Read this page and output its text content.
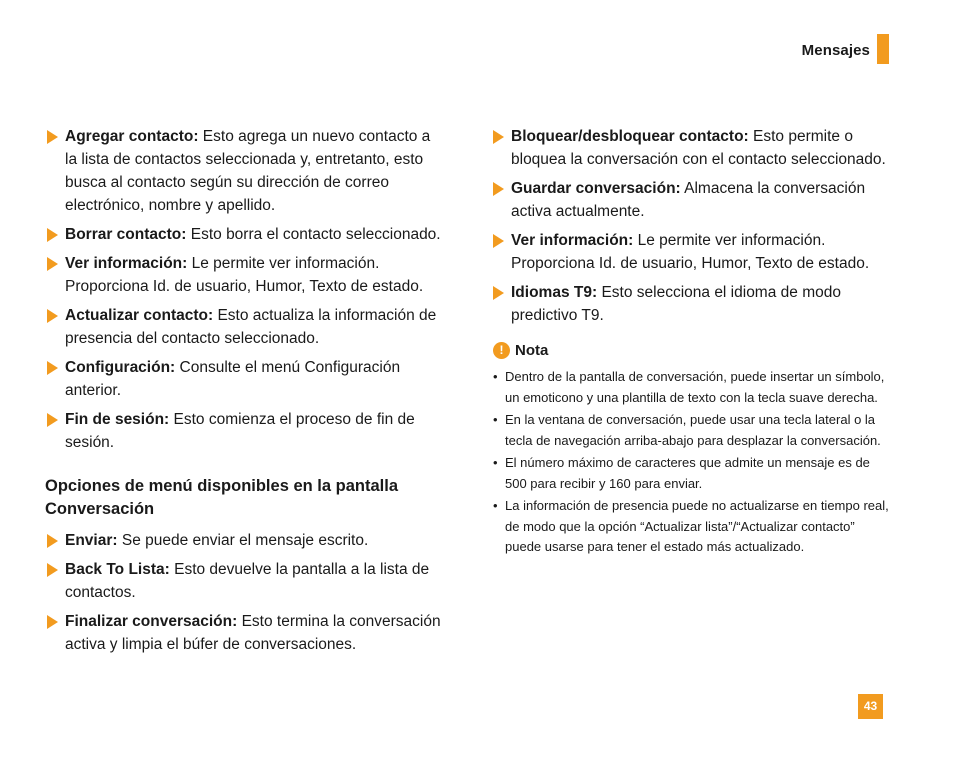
Mensajes
Agregar contacto: Esto agrega un nuevo contacto a la lista de contactos seleccionada y, entretanto, esto busca al contacto según su dirección de correo electrónico, nombre y apellido.
Borrar contacto: Esto borra el contacto seleccionado.
Ver información: Le permite ver información. Proporciona Id. de usuario, Humor, Texto de estado.
Actualizar contacto: Esto actualiza la información de presencia del contacto seleccionado.
Configuración: Consulte el menú Configuración anterior.
Fin de sesión: Esto comienza el proceso de fin de sesión.
Opciones de menú disponibles en la pantalla Conversación
Enviar: Se puede enviar el mensaje escrito.
Back To Lista: Esto devuelve la pantalla a la lista de contactos.
Finalizar conversación: Esto termina la conversación activa y limpia el búfer de conversaciones.
Bloquear/desbloquear contacto: Esto permite o bloquea la conversación con el contacto seleccionado.
Guardar conversación: Almacena la conversación activa actualmente.
Ver información: Le permite ver información. Proporciona Id. de usuario, Humor, Texto de estado.
Idiomas T9: Esto selecciona el idioma de modo predictivo T9.
! Nota
• Dentro de la pantalla de conversación, puede insertar un símbolo, un emoticono y una plantilla de texto con la tecla suave derecha.
• En la ventana de conversación, puede usar una tecla lateral o la tecla de navegación arriba-abajo para desplazar la conversación.
• El número máximo de caracteres que admite un mensaje es de 500 para recibir y 160 para enviar.
• La información de presencia puede no actualizarse en tiempo real, de modo que la opción “Actualizar lista”/“Actualizar contacto” puede usarse para tener el estado más actualizado.
43
